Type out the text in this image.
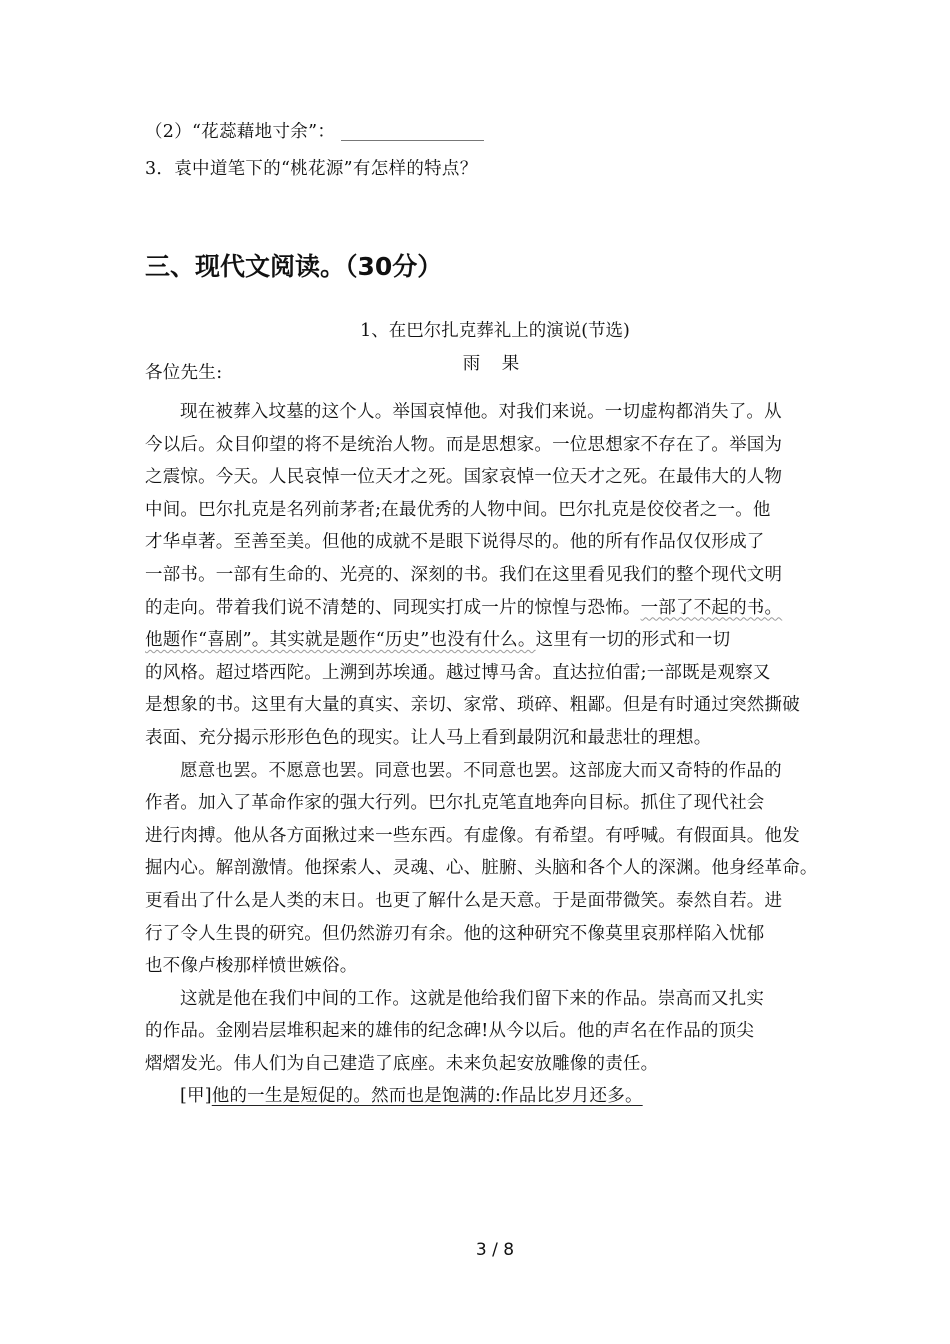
（2）“花蕊藉地寸余”：
3．袁中道笔下的“桃花源”有怎样的特点？
三、现代文阅读。（30分）
1、在巴尔扎克葬礼上的演说(节选)
雨 果
各位先生:
现在被葬入坟墓的这个人。举国哀悼他。对我们来说。一切虚构都消失了。从
今以后。众目仰望的将不是统治人物。而是思想家。一位思想家不存在了。举国为
之震惊。今天。人民哀悼一位天才之死。国家哀悼一位天才之死。在最伟大的人物
中间。巴尔扎克是名列前茅者;在最优秀的人物中间。巴尔扎克是佼佼者之一。他
才华卓著。至善至美。但他的成就不是眼下说得尽的。他的所有作品仅仅形成了
一部书。一部有生命的、光亮的、深刻的书。我们在这里看见我们的整个现代文明
的走向。带着我们说不清楚的、同现实打成一片的惊惶与恐怖。一部了不起的书。
他题作“喜剧”。其实就是题作“历史”也没有什么。这里有一切的形式和一切
的风格。超过塔西陀。上溯到苏埃通。越过博马舍。直达拉伯雷;一部既是观察又
是想象的书。这里有大量的真实、亲切、家常、琐碎、粗鄙。但是有时通过突然撕破
表面、充分揭示形形色色的现实。让人马上看到最阴沉和最悲壮的理想。
愿意也罢。不愿意也罢。同意也罢。不同意也罢。这部庞大而又奇特的作品的
作者。加入了革命作家的强大行列。巴尔扎克笔直地奔向目标。抓住了现代社会
进行肉搏。他从各方面揪过来一些东西。有虚像。有希望。有呼喊。有假面具。他发
掘内心。解剖激情。他探索人、灵魂、心、脏腑、头脑和各个人的深渊。他身经革命。
更看出了什么是人类的末日。也更了解什么是天意。于是面带微笑。泰然自若。进
行了令人生畏的研究。但仍然游刃有余。他的这种研究不像莫里哀那样陷入忧郁
也不像卢梭那样愤世嫉俗。
这就是他在我们中间的工作。这就是他给我们留下来的作品。崇高而又扎实
的作品。金刚岩层堆积起来的雄伟的纪念碑!从今以后。他的声名在作品的顶尖
熠熠发光。伟人们为自己建造了底座。未来负起安放雕像的责任。
[甲]他的一生是短促的。然而也是饱满的:作品比岁月还多。
3 / 8
